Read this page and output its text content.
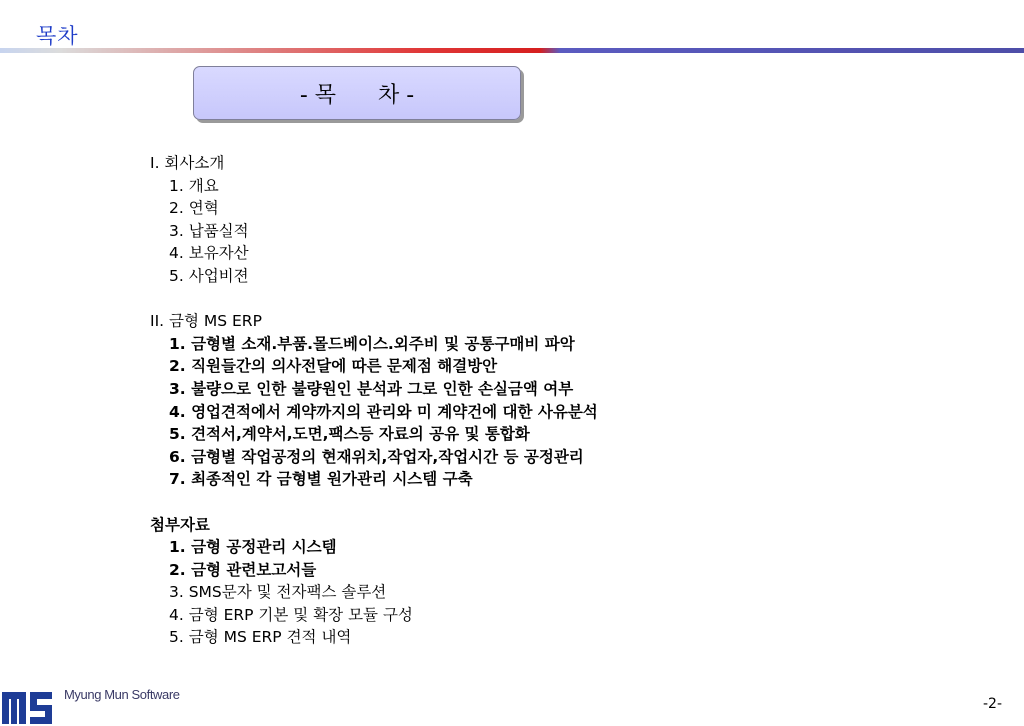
목차
- 목      차 -
I. 회사소개
1. 개요
2. 연혁
3. 납품실적
4. 보유자산
5. 사업비젼
II. 금형 MS ERP
1. 금형별 소재.부품.몰드베이스.외주비 및 공통구매비 파악
2. 직원들간의 의사전달에 따른 문제점 해결방안
3. 불량으로 인한 불량원인 분석과 그로 인한 손실금액 여부
4. 영업견적에서 계약까지의 관리와 미 계약건에 대한 사유분석
5. 견적서,계약서,도면,팩스등 자료의 공유 및 통합화
6. 금형별 작업공정의 현재위치,작업자,작업시간 등 공정관리
7. 최종적인 각 금형별 원가관리 시스템 구축
첨부자료
1. 금형 공정관리 시스템
2. 금형 관련보고서들
3. SMS문자 및 전자팩스 솔루션
4. 금형 ERP 기본 및 확장 모듈 구성
5. 금형 MS ERP 견적 내역
Myung Mun Software
-2-
